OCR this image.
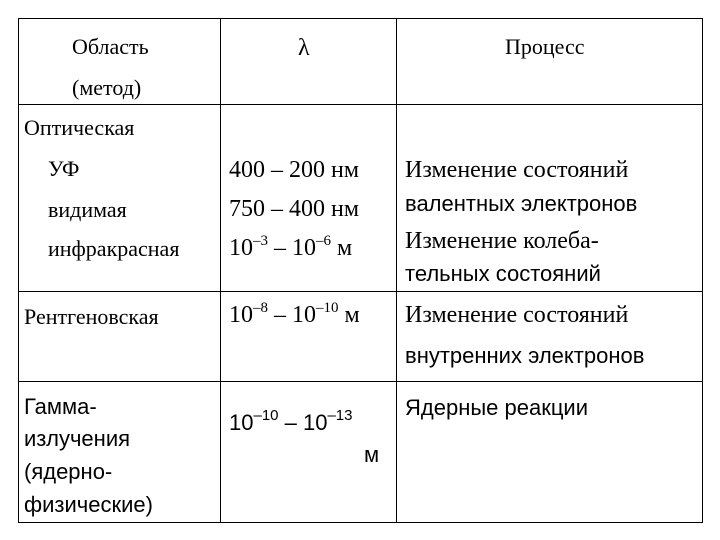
Область
(метод)
λ	Процесс
Оптическая
УФ
видимая
инфракрасная
400 – 200 нм
750 – 400 нм
$10^{-3} - 10^{-6}$ м
Изменение состояний
валентных электронов
Изменение колеба-
тельных состояний
Рентгеновская	$10^{-8} - 10^{-10}$ м Изменение состояний
внутренних электронов
Гамма-
излучения
(ядерно-
физические)
$10^{-10} - 10^{-13}$
м
Ядерные реакции
